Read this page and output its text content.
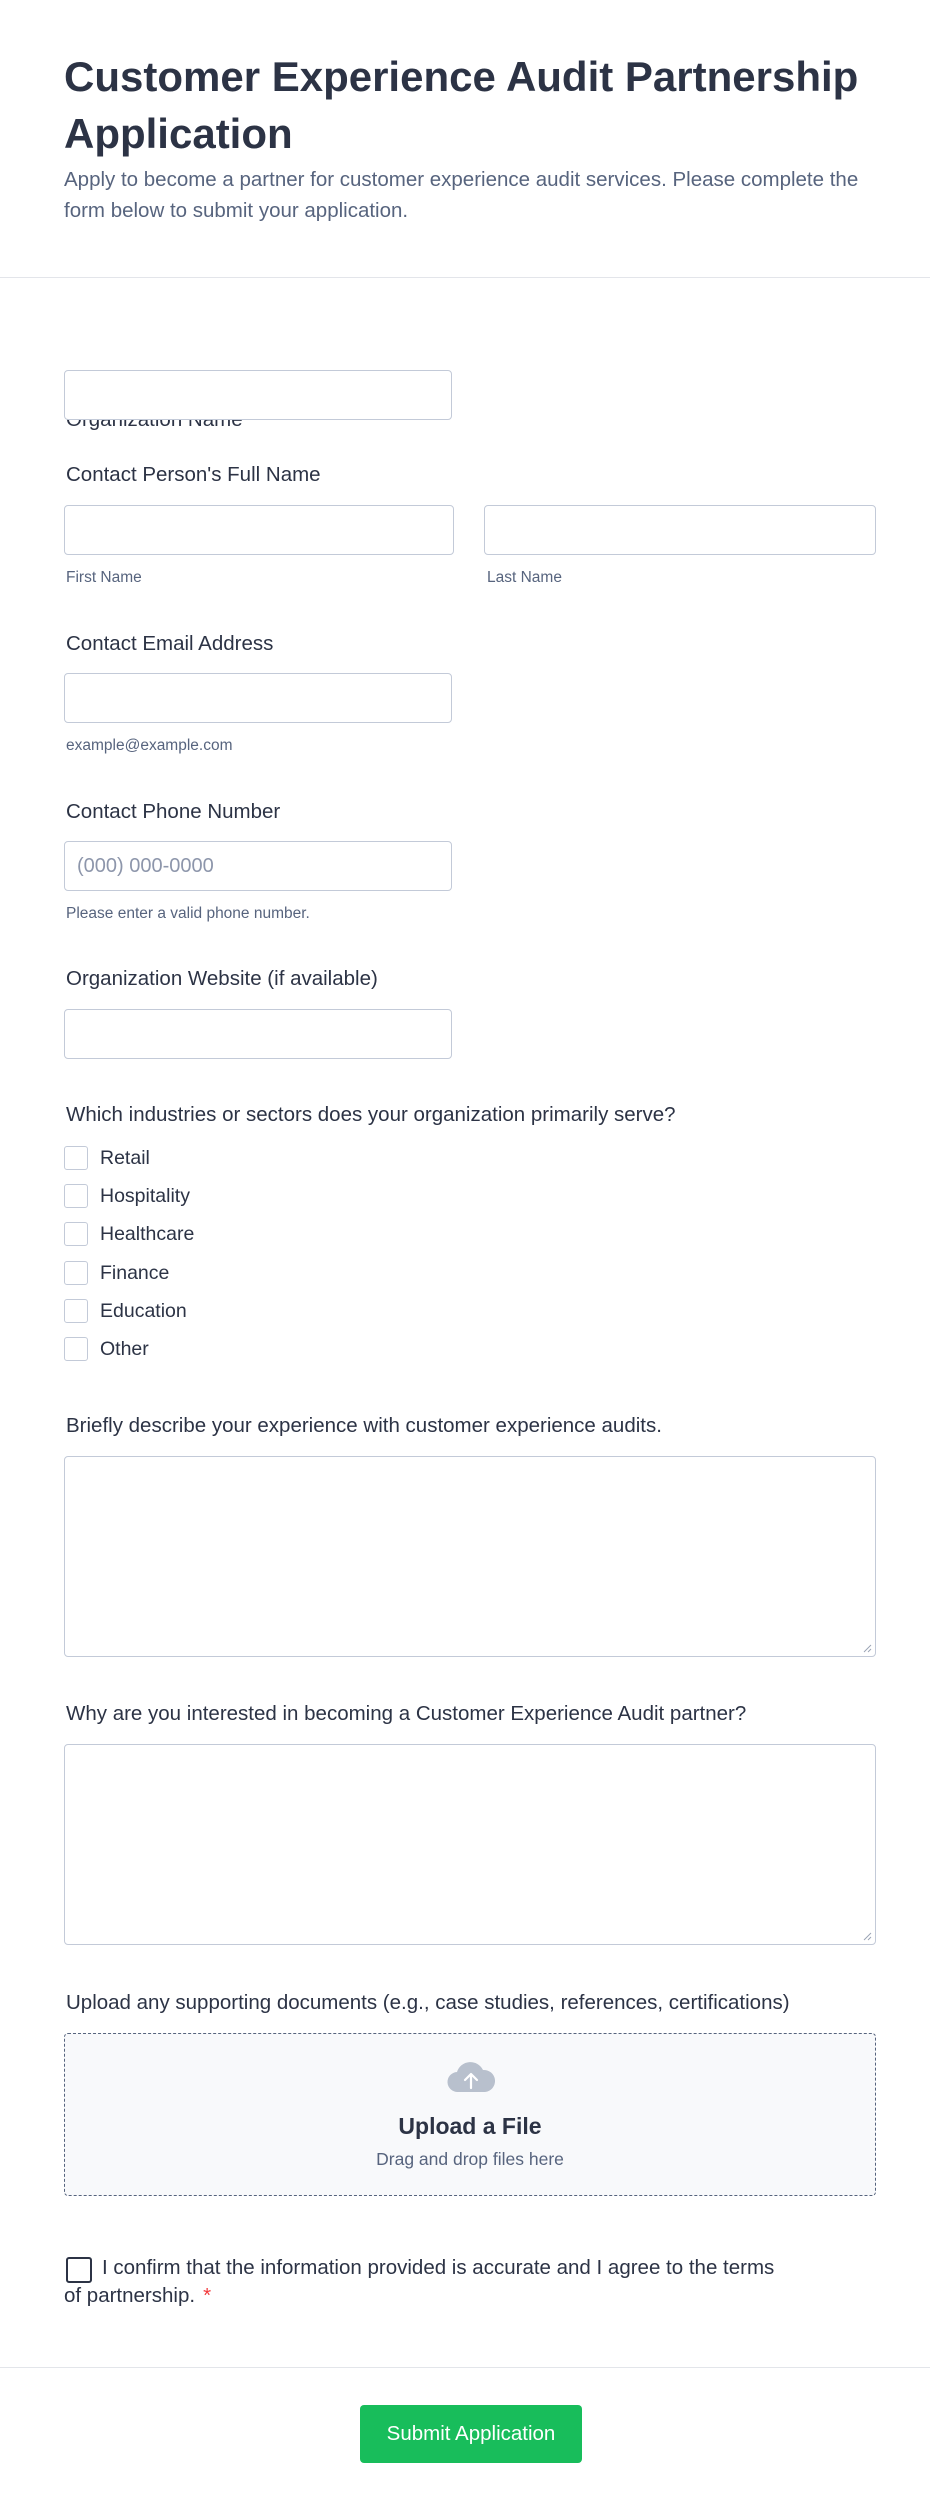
Customer Experience Audit Partnership Application

Apply to become a partner for customer experience audit services. Please complete the form below to submit your application.

Contact Person's Full Name
First Name	Last Name
Contact Email Address
example@example.com
Contact Phone Number
(000) 000-0000
Please enter a valid phone number.
Organization Website (if available)
Which industries or sectors does your organization primarily serve?
Retail
Hospitality
Healthcare
Finance
Education
Other
Briefly describe your experience with customer experience audits.
Why are you interested in becoming a Customer Experience Audit partner?
Upload any supporting documents (e.g., case studies, references, certifications)
Upload a File
Drag and drop files here

I confirm that the information provided is accurate and I agree to the terms of partnership. *

Submit Application
